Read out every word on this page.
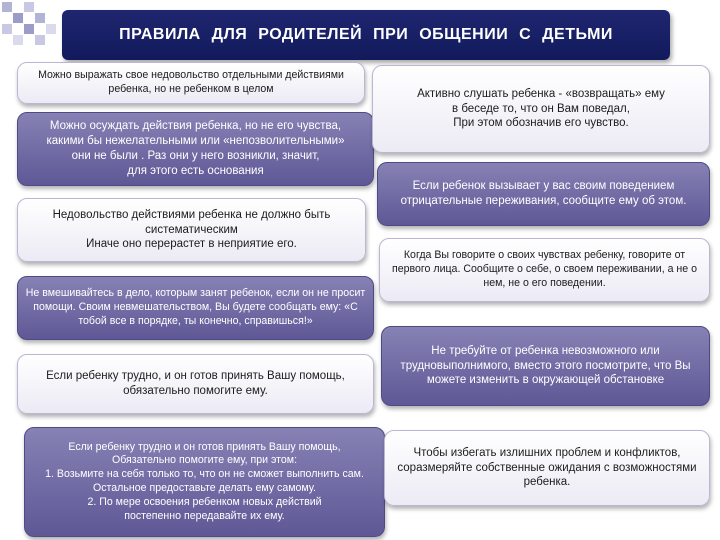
ПРАВИЛА ДЛЯ РОДИТЕЛЕЙ ПРИ ОБЩЕНИИ С ДЕТЬМИ
Можно выражать свое недовольство отдельными действиями
ребенка, но не ребенком в целом
Можно осуждать действия ребенка, но не его чувства,
какими бы нежелательными или «непозволительными»
они не были . Раз они у него возникли, значит,
для этого есть основания
Недовольство действиями ребенка не должно быть систематическим
Иначе оно перерастет в неприятие его.
Не вмешивайтесь в дело, которым занят ребенок, если он не просит помощи. Своим невмешательством, Вы будете сообщать ему: «С тобой все в порядке, ты конечно, справишься!»
Если ребенку трудно, и он готов принять Вашу помощь,
обязательно помогите ему.
Если ребенку трудно и он готов принять Вашу помощь,
Обязательно помогите ему, при этом:
1. Возьмите на себя только то, что он не сможет выполнить сам.
Остальное предоставьте делать ему самому.
2. По мере освоения ребенком новых действий
постепенно передавайте их ему.
Активно слушать ребенка - «возвращать» ему
в беседе то, что он Вам поведал,
При этом обозначив его чувство.
Если ребенок вызывает у вас своим поведением отрицательные переживания, сообщите ему об этом.
Когда Вы говорите о своих чувствах ребенку, говорите от первого лица. Сообщите о себе, о своем переживании, а не о нем, не о его поведении.
Не требуйте от ребенка невозможного или трудновыполнимого, вместо этого посмотрите, что Вы можете изменить в окружающей обстановке
Чтобы избегать излишних проблем и конфликтов, соразмеряйте собственные ожидания с возможностями ребенка.
